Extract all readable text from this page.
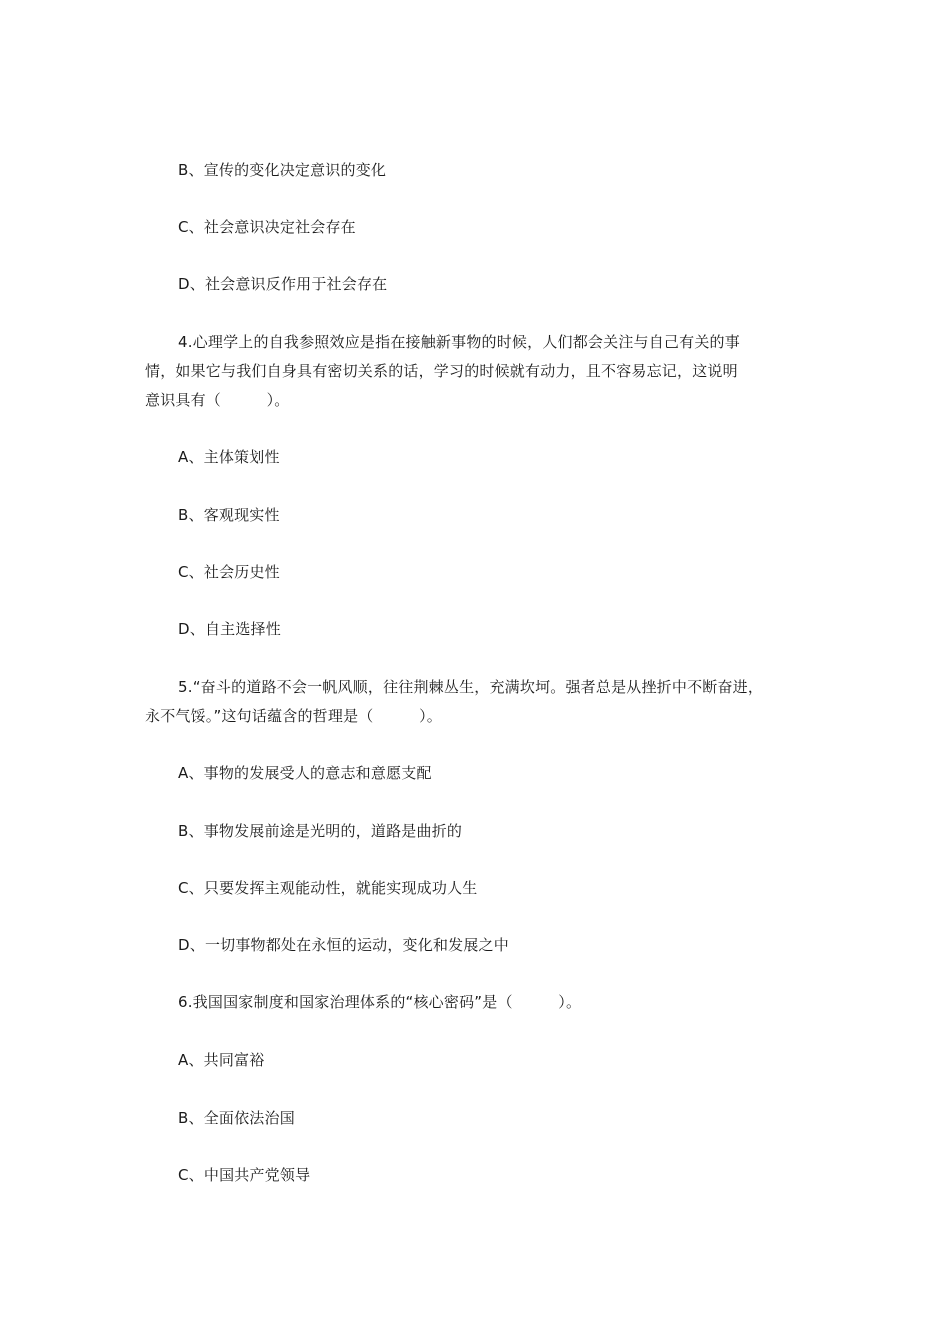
B、宣传的变化决定意识的变化
C、社会意识决定社会存在
D、社会意识反作用于社会存在
4.心理学上的自我参照效应是指在接触新事物的时候，人们都会关注与自己有关的事
情，如果它与我们自身具有密切关系的话，学习的时候就有动力，且不容易忘记，这说明
意识具有（　　　）。
A、主体策划性
B、客观现实性
C、社会历史性
D、自主选择性
5.“奋斗的道路不会一帆风顺，往往荆棘丛生，充满坎坷。强者总是从挫折中不断奋进，
永不气馁。”这句话蕴含的哲理是（　　　）。
A、事物的发展受人的意志和意愿支配
B、事物发展前途是光明的，道路是曲折的
C、只要发挥主观能动性，就能实现成功人生
D、一切事物都处在永恒的运动，变化和发展之中
6.我国国家制度和国家治理体系的“核心密码”是（　　　）。
A、共同富裕
B、全面依法治国
C、中国共产党领导
